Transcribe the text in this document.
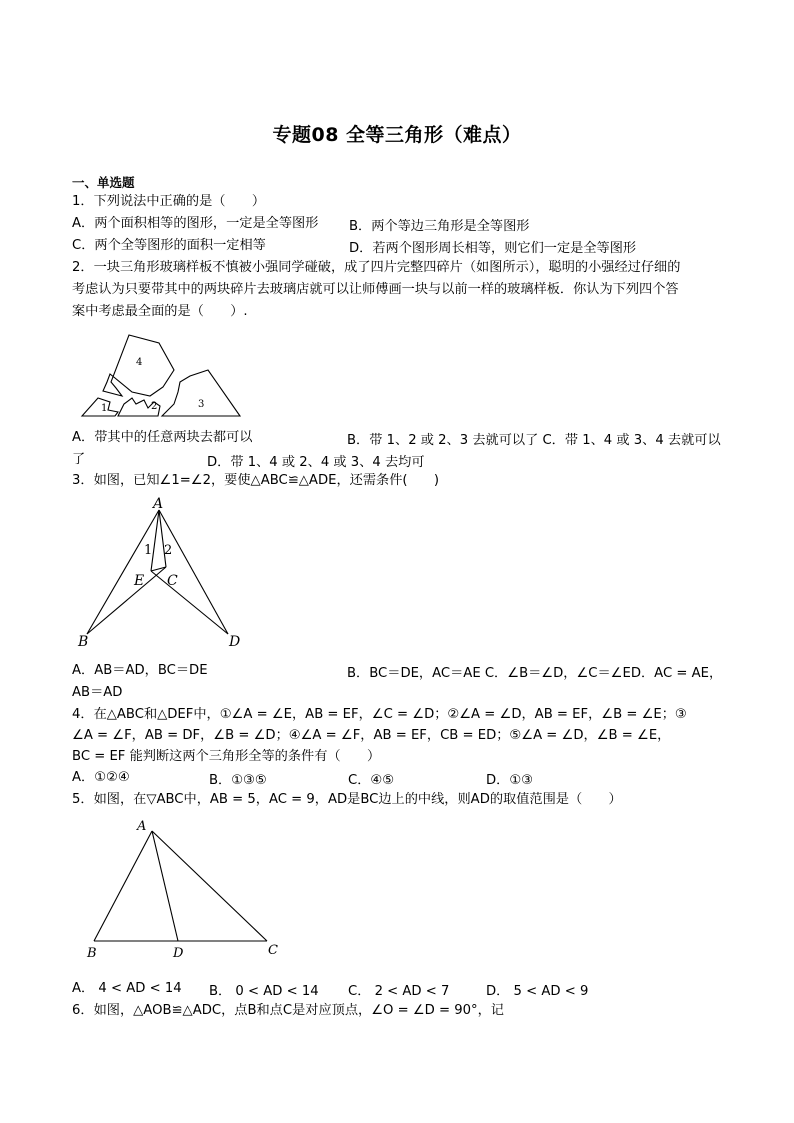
专题08 全等三角形（难点）
一、单选题
1．下列说法中正确的是（　　）
A．两个面积相等的图形，一定是全等图形 B．两个等边三角形是全等图形
C．两个全等图形的面积一定相等	D．若两个图形周长相等，则它们一定是全等图形
2．一块三角形玻璃样板不慎被小强同学碰破，成了四片完整四碎片（如图所示），聪明的小强经过仔细的
考虑认为只要带其中的两块碎片去玻璃店就可以让师傅画一块与以前一样的玻璃样板．你认为下列四个答
案中考虑最全面的是（　　）.
4
1	2	3
A．带其中的任意两块去都可以	B．带 1、2 或 2、3 去就可以了 C．带 1、4 或 3、4 去就可以
了	D．带 1、4 或 2、4 或 3、4 去均可
3．如图，已知∠1=∠2，要使△ABC≌△ADE，还需条件(　　)
A
B	D
E C
1 2
A．AB＝AD，BC＝DE	B．BC＝DE，AC＝AE C．∠B＝∠D，∠C＝∠ED．AC = AE，
AB＝AD
4．在△ABC和△DEF中，①∠A = ∠E，AB = EF，∠C = ∠D；②∠A = ∠D，AB = EF，∠B = ∠E；③
∠A = ∠F，AB = DF，∠B = ∠D；④∠A = ∠F，AB = EF，CB = ED；⑤∠A = ∠D，∠B = ∠E，
BC = EF 能判断这两个三角形全等的条件有（　　）
A．①②④	B．①③⑤	C．④⑤	D．①③
5．如图，在▽ABC中，AB = 5，AC = 9，AD是BC边上的中线，则AD的取值范围是（　　）
A
B	D	C
A． 4 < AD < 14 B． 0 < AD < 14 C． 2 < AD < 7	D． 5 < AD < 9
6．如图，△AOB≌△ADC，点B和点C是对应顶点，∠O = ∠D = 90°，记
